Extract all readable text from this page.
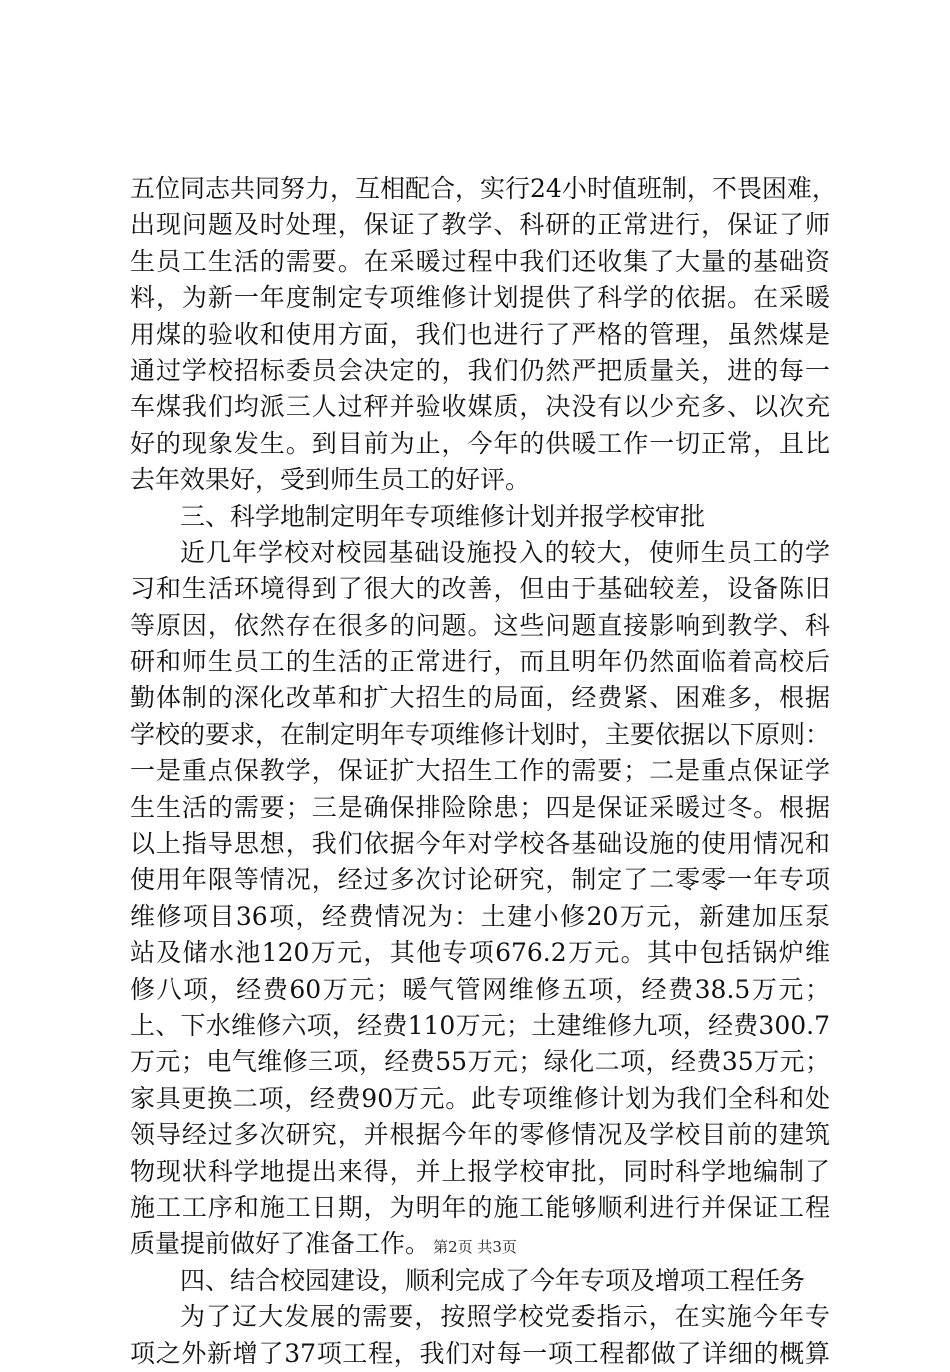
五位同志共同努力，互相配合，实行24小时值班制，不畏困难，
出现问题及时处理，保证了教学、科研的正常进行，保证了师
生员工生活的需要。在采暖过程中我们还收集了大量的基础资
料，为新一年度制定专项维修计划提供了科学的依据。在采暖
用煤的验收和使用方面，我们也进行了严格的管理，虽然煤是
通过学校招标委员会决定的，我们仍然严把质量关，进的每一
车煤我们均派三人过秤并验收媒质，决没有以少充多、以次充
好的现象发生。到目前为止，今年的供暖工作一切正常，且比
去年效果好，受到师生员工的好评。
三、科学地制定明年专项维修计划并报学校审批
近几年学校对校园基础设施投入的较大，使师生员工的学
习和生活环境得到了很大的改善，但由于基础较差，设备陈旧
等原因，依然存在很多的问题。这些问题直接影响到教学、科
研和师生员工的生活的正常进行，而且明年仍然面临着高校后
勤体制的深化改革和扩大招生的局面，经费紧、困难多，根据
学校的要求，在制定明年专项维修计划时，主要依据以下原则：
一是重点保教学，保证扩大招生工作的需要；二是重点保证学
生生活的需要；三是确保排险除患；四是保证采暖过冬。根据
以上指导思想，我们依据今年对学校各基础设施的使用情况和
使用年限等情况，经过多次讨论研究，制定了二零零一年专项
维修项目36项，经费情况为：土建小修20万元，新建加压泵
站及储水池120万元，其他专项676.2万元。其中包括锅炉维
修八项，经费60万元；暖气管网维修五项，经费38.5万元；
上、下水维修六项，经费110万元；土建维修九项，经费300.7
万元；电气维修三项，经费55万元；绿化二项，经费35万元；
家具更换二项，经费90万元。此专项维修计划为我们全科和处
领导经过多次研究，并根据今年的零修情况及学校目前的建筑
物现状科学地提出来得，并上报学校审批，同时科学地编制了
施工工序和施工日期，为明年的施工能够顺利进行并保证工程
质量提前做好了准备工作。
四、结合校园建设，顺利完成了今年专项及增项工程任务
为了辽大发展的需要，按照学校党委指示，在实施今年专
项之外新增了37项工程，我们对每一项工程都做了详细的概算
第2页 共3页
